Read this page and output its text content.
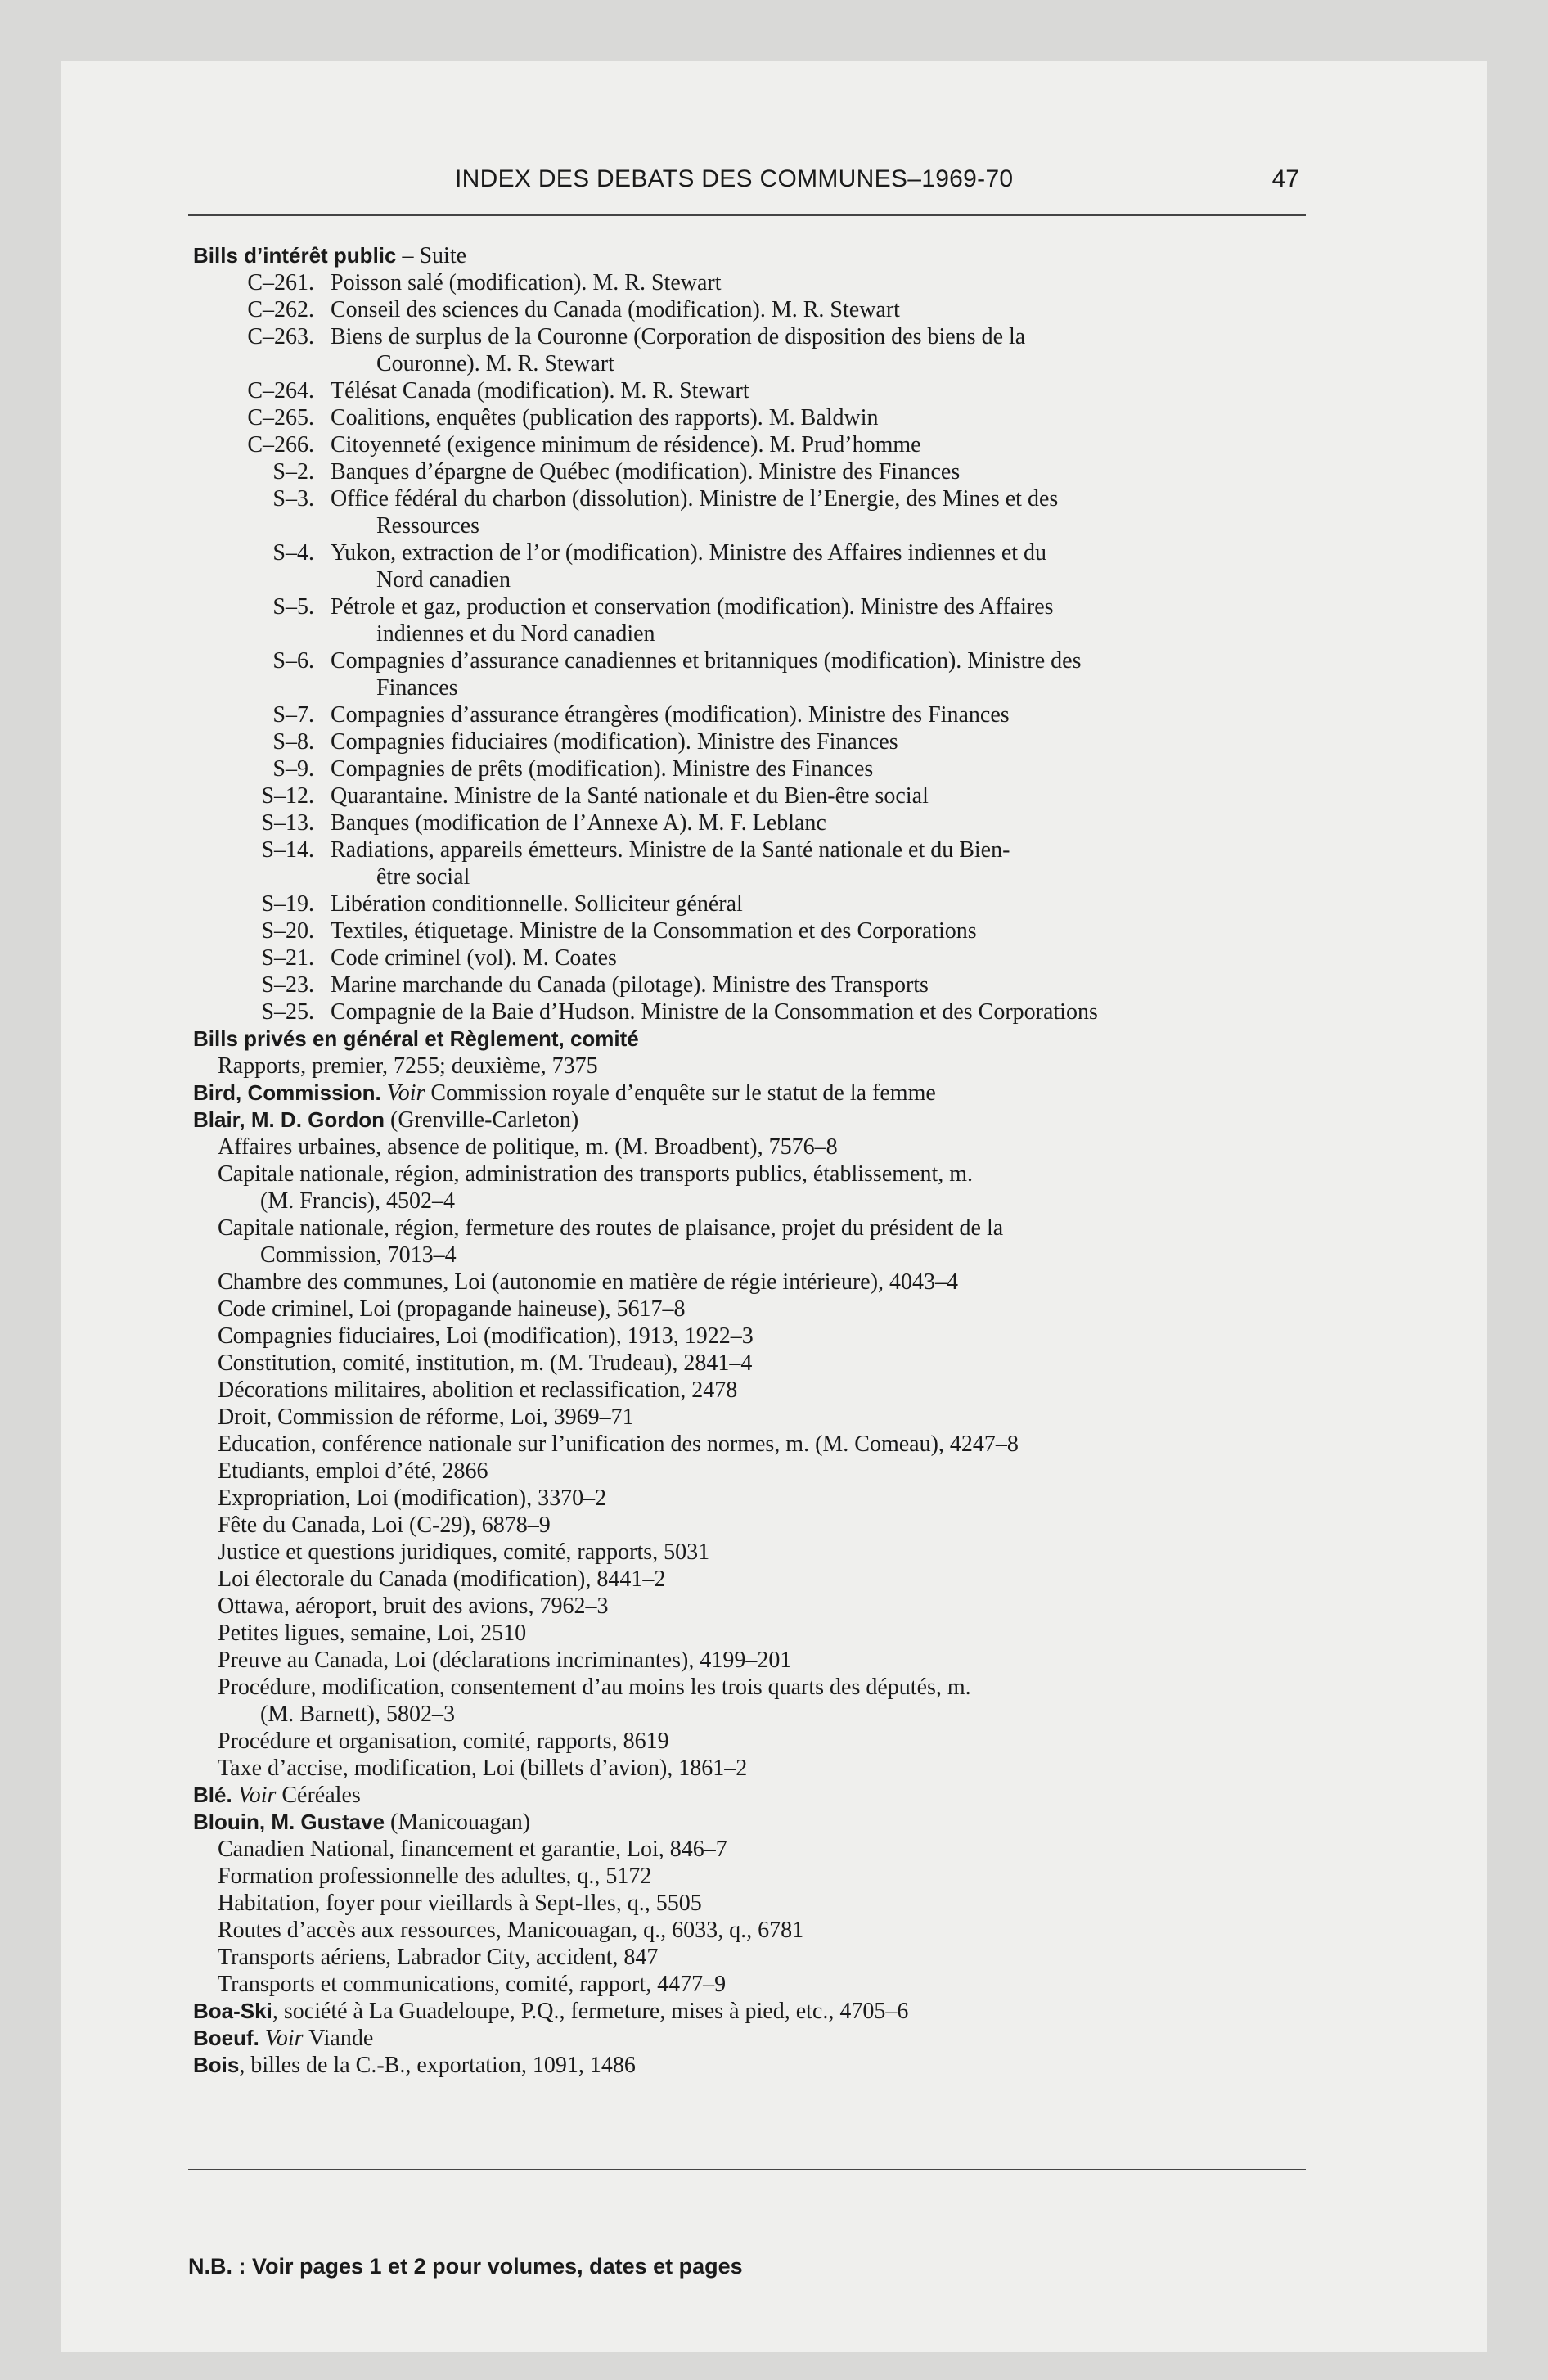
INDEX DES DEBATS DES COMMUNES–1969-70	47
Bills d’intérêt public – Suite
C–261. Poisson salé (modification). M. R. Stewart
C–262. Conseil des sciences du Canada (modification). M. R. Stewart
C–263. Biens de surplus de la Couronne (Corporation de disposition des biens de la
Couronne). M. R. Stewart
C–264. Télésat Canada (modification). M. R. Stewart
C–265. Coalitions, enquêtes (publication des rapports). M. Baldwin
C–266. Citoyenneté (exigence minimum de résidence). M. Prud’homme
S–2. Banques d’épargne de Québec (modification). Ministre des Finances
S–3. Office fédéral du charbon (dissolution). Ministre de l’Energie, des Mines et des
Ressources
S–4. Yukon, extraction de l’or (modification). Ministre des Affaires indiennes et du
Nord canadien
S–5. Pétrole et gaz, production et conservation (modification). Ministre des Affaires
indiennes et du Nord canadien
S–6. Compagnies d’assurance canadiennes et britanniques (modification). Ministre des
Finances
S–7. Compagnies d’assurance étrangères (modification). Ministre des Finances
S–8. Compagnies fiduciaires (modification). Ministre des Finances
S–9. Compagnies de prêts (modification). Ministre des Finances
S–12. Quarantaine. Ministre de la Santé nationale et du Bien-être social
S–13. Banques (modification de l’Annexe A). M. F. Leblanc
S–14. Radiations, appareils émetteurs. Ministre de la Santé nationale et du Bien-
être social
S–19. Libération conditionnelle. Solliciteur général
S–20. Textiles, étiquetage. Ministre de la Consommation et des Corporations
S–21. Code criminel (vol). M. Coates
S–23. Marine marchande du Canada (pilotage). Ministre des Transports
S–25. Compagnie de la Baie d’Hudson. Ministre de la Consommation et des Corporations
Bills privés en général et Règlement, comité
Rapports, premier, 7255; deuxième, 7375
Bird, Commission. Voir Commission royale d’enquête sur le statut de la femme
Blair, M. D. Gordon (Grenville-Carleton)
Affaires urbaines, absence de politique, m. (M. Broadbent), 7576–8
Capitale nationale, région, administration des transports publics, établissement, m.
(M. Francis), 4502–4
Capitale nationale, région, fermeture des routes de plaisance, projet du président de la
Commission, 7013–4
Chambre des communes, Loi (autonomie en matière de régie intérieure), 4043–4
Code criminel, Loi (propagande haineuse), 5617–8
Compagnies fiduciaires, Loi (modification), 1913, 1922–3
Constitution, comité, institution, m. (M. Trudeau), 2841–4
Décorations militaires, abolition et reclassification, 2478
Droit, Commission de réforme, Loi, 3969–71
Education, conférence nationale sur l’unification des normes, m. (M. Comeau), 4247–8
Etudiants, emploi d’été, 2866
Expropriation, Loi (modification), 3370–2
Fête du Canada, Loi (C-29), 6878–9
Justice et questions juridiques, comité, rapports, 5031
Loi électorale du Canada (modification), 8441–2
Ottawa, aéroport, bruit des avions, 7962–3
Petites ligues, semaine, Loi, 2510
Preuve au Canada, Loi (déclarations incriminantes), 4199–201
Procédure, modification, consentement d’au moins les trois quarts des députés, m.
(M. Barnett), 5802–3
Procédure et organisation, comité, rapports, 8619
Taxe d’accise, modification, Loi (billets d’avion), 1861–2
Blé. Voir Céréales
Blouin, M. Gustave (Manicouagan)
Canadien National, financement et garantie, Loi, 846–7
Formation professionnelle des adultes, q., 5172
Habitation, foyer pour vieillards à Sept-Iles, q., 5505
Routes d’accès aux ressources, Manicouagan, q., 6033, q., 6781
Transports aériens, Labrador City, accident, 847
Transports et communications, comité, rapport, 4477–9
Boa-Ski, société à La Guadeloupe, P.Q., fermeture, mises à pied, etc., 4705–6
Boeuf. Voir Viande
Bois, billes de la C.-B., exportation, 1091, 1486
N.B. : Voir pages 1 et 2 pour volumes, dates et pages
